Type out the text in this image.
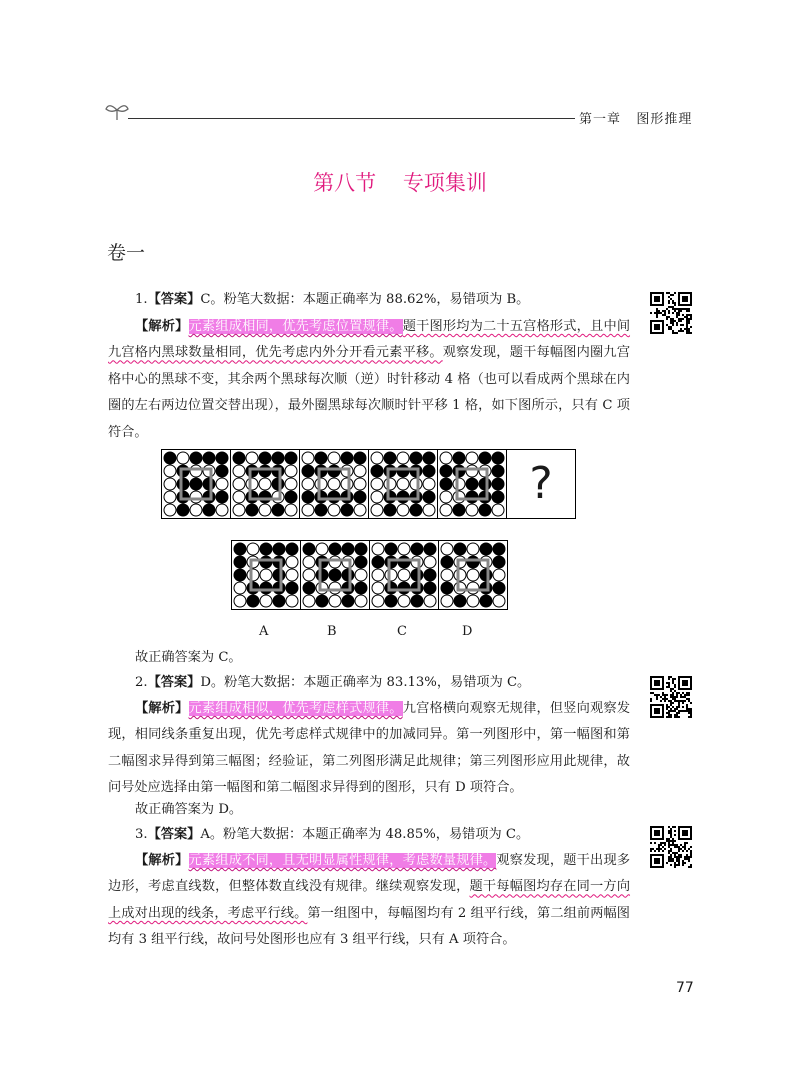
第一章   图形推理
第八节    专项集训
卷一
1.【答案】C。粉笔大数据：本题正确率为 88.62%，易错项为 B。

【解析】元素组成相同，优先考虑位置规律。题干图形均为二十五宫格形式，且中间九宫格内黑球数量相同，优先考虑内外分开看元素平移。观察发现，题干每幅图内圈九宫格中心的黑球不变，其余两个黑球每次顺（逆）时针移动 4 格（也可以看成两个黑球在内圈的左右两边位置交替出现），最外圈黑球每次顺时针平移 1 格，如下图所示，只有 C 项符合。

?
A	B	C	D
故正确答案为 C。
2.【答案】D。粉笔大数据：本题正确率为 83.13%，易错项为 C。

【解析】元素组成相似，优先考虑样式规律。九宫格横向观察无规律，但竖向观察发现，相同线条重复出现，优先考虑样式规律中的加减同异。第一列图形中，第一幅图和第二幅图求异得到第三幅图；经验证，第二列图形满足此规律；第三列图形应用此规律，故问号处应选择由第一幅图和第二幅图求异得到的图形，只有 D 项符合。

故正确答案为 D。
3.【答案】A。粉笔大数据：本题正确率为 48.85%，易错项为 C。

【解析】元素组成不同，且无明显属性规律，考虑数量规律。观察发现，题干出现多边形，考虑直线数，但整体数直线没有规律。继续观察发现，题干每幅图均存在同一方向上成对出现的线条，考虑平行线。第一组图中，每幅图均有 2 组平行线，第二组前两幅图均有 3 组平行线，故问号处图形也应有 3 组平行线，只有 A 项符合。

77
